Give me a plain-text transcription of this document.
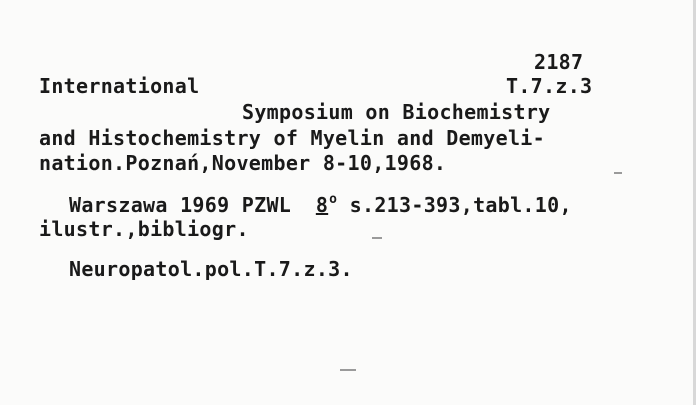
2187
International	T.7.z.3
Symposium on Biochemistry
and Histochemistry of Myelin and Demyeli-
nation.Poznań,November 8-10,1968.
Warszawa 1969 PZWL 8$^o$ s.213-393,tabl.10,
ilustr.,bibliogr.
Neuropatol.pol.T.7.z.3.
